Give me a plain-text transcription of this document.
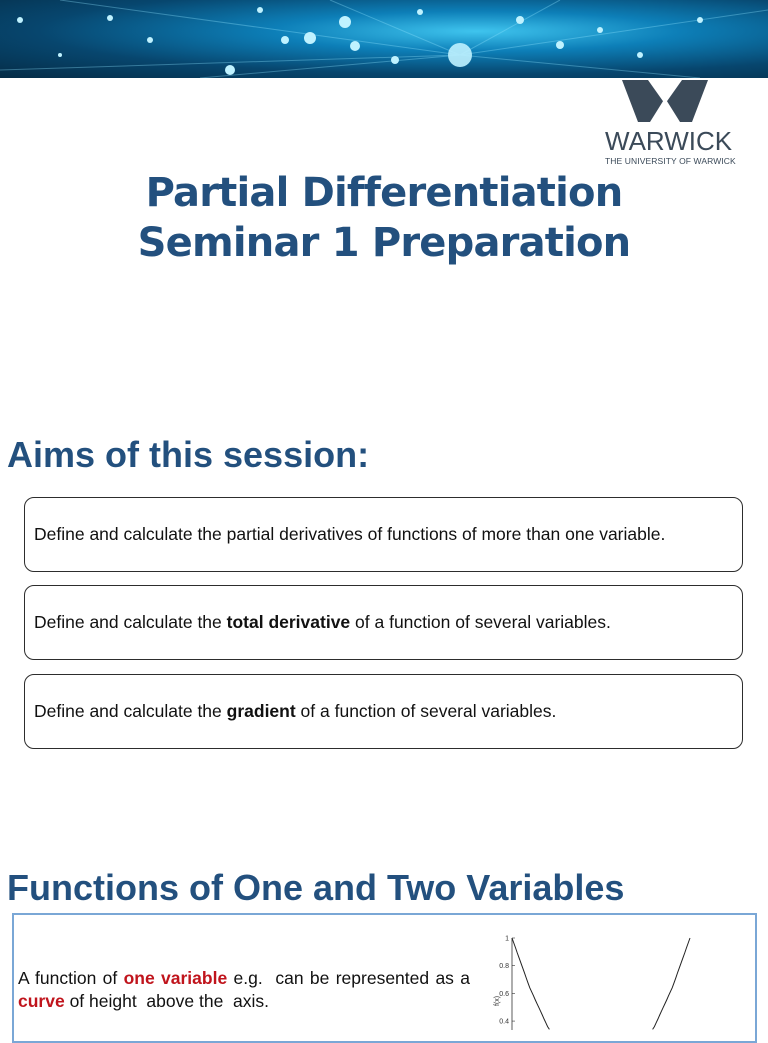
WARWICK
THE UNIVERSITY OF WARWICK
Partial Differentiation
Seminar 1 Preparation
Aims of this session:
Define and calculate the partial derivatives of functions of more than one variable.
Define and calculate the total derivative of a function of several variables.
Define and calculate the gradient of a function of several variables.
Functions of One and Two Variables
A function of one variable e.g.  can be represented as a curve of height  above the  axis.
1
0.8
0.6
0.4
f(x)
